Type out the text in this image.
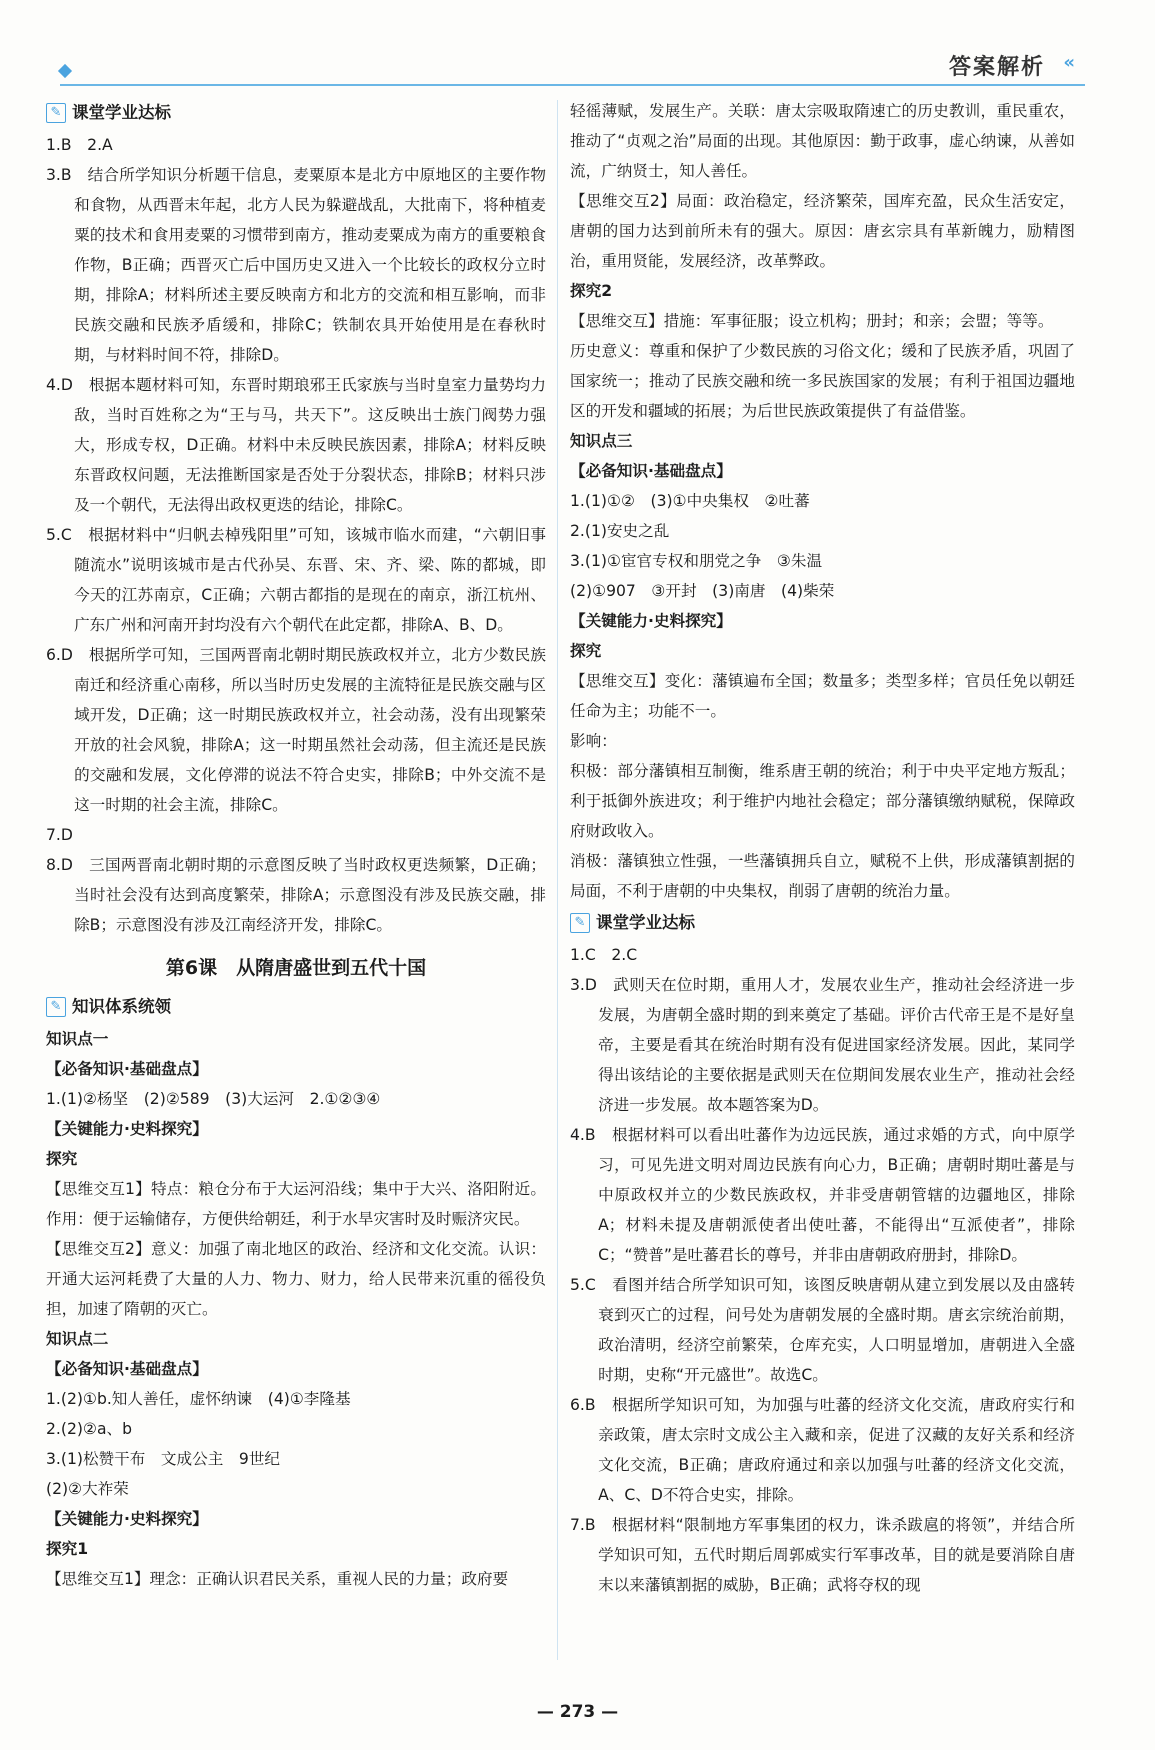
答案解析 «
✎ 课堂学业达标

1.B　2.A

3.B　结合所学知识分析题干信息，麦粟原本是北方中原地区的主要作物和食物，从西晋末年起，北方人民为躲避战乱，大批南下，将种植麦粟的技术和食用麦粟的习惯带到南方，推动麦粟成为南方的重要粮食作物，B正确；西晋灭亡后中国历史又进入一个比较长的政权分立时期，排除A；材料所述主要反映南方和北方的交流和相互影响，而非民族交融和民族矛盾缓和，排除C；铁制农具开始使用是在春秋时期，与材料时间不符，排除D。

4.D　根据本题材料可知，东晋时期琅邪王氏家族与当时皇室力量势均力敌，当时百姓称之为“王与马，共天下”。这反映出士族门阀势力强大，形成专权，D正确。材料中未反映民族因素，排除A；材料反映东晋政权问题，无法推断国家是否处于分裂状态，排除B；材料只涉及一个朝代，无法得出政权更迭的结论，排除C。

5.C　根据材料中“归帆去棹残阳里”可知，该城市临水而建，“六朝旧事随流水”说明该城市是古代孙吴、东晋、宋、齐、梁、陈的都城，即今天的江苏南京，C正确；六朝古都指的是现在的南京，浙江杭州、广东广州和河南开封均没有六个朝代在此定都，排除A、B、D。

6.D　根据所学可知，三国两晋南北朝时期民族政权并立，北方少数民族南迁和经济重心南移，所以当时历史发展的主流特征是民族交融与区域开发，D正确；这一时期民族政权并立，社会动荡，没有出现繁荣开放的社会风貌，排除A；这一时期虽然社会动荡，但主流还是民族的交融和发展，文化停滞的说法不符合史实，排除B；中外交流不是这一时期的社会主流，排除C。

7.D

8.D　三国两晋南北朝时期的示意图反映了当时政权更迭频繁，D正确；当时社会没有达到高度繁荣，排除A；示意图没有涉及民族交融，排除B；示意图没有涉及江南经济开发，排除C。

第6课　从隋唐盛世到五代十国
✎ 知识体系统领

知识点一

【必备知识·基础盘点】

1.(1)②杨坚　(2)②589　(3)大运河　2.①②③④

【关键能力·史料探究】

探究

【思维交互1】特点：粮仓分布于大运河沿线；集中于大兴、洛阳附近。作用：便于运输储存，方便供给朝廷，利于水旱灾害时及时赈济灾民。

【思维交互2】意义：加强了南北地区的政治、经济和文化交流。认识：开通大运河耗费了大量的人力、物力、财力，给人民带来沉重的徭役负担，加速了隋朝的灭亡。

知识点二

【必备知识·基础盘点】

1.(2)①b.知人善任，虚怀纳谏　(4)①李隆基

2.(2)②a、b

3.(1)松赞干布　文成公主　9世纪

(2)②大祚荣

【关键能力·史料探究】

探究1

【思维交互1】理念：正确认识君民关系，重视人民的力量；政府要

轻徭薄赋，发展生产。关联：唐太宗吸取隋速亡的历史教训，重民重农，推动了“贞观之治”局面的出现。其他原因：勤于政事，虚心纳谏，从善如流，广纳贤士，知人善任。

【思维交互2】局面：政治稳定，经济繁荣，国库充盈，民众生活安定，唐朝的国力达到前所未有的强大。原因：唐玄宗具有革新魄力，励精图治，重用贤能，发展经济，改革弊政。

探究2

【思维交互】措施：军事征服；设立机构；册封；和亲；会盟；等等。

历史意义：尊重和保护了少数民族的习俗文化；缓和了民族矛盾，巩固了国家统一；推动了民族交融和统一多民族国家的发展；有利于祖国边疆地区的开发和疆域的拓展；为后世民族政策提供了有益借鉴。

知识点三

【必备知识·基础盘点】

1.(1)①②　(3)①中央集权　②吐蕃

2.(1)安史之乱

3.(1)①宦官专权和朋党之争　③朱温

(2)①907　③开封　(3)南唐　(4)柴荣

【关键能力·史料探究】

探究

【思维交互】变化：藩镇遍布全国；数量多；类型多样；官员任免以朝廷任命为主；功能不一。

影响：

积极：部分藩镇相互制衡，维系唐王朝的统治；利于中央平定地方叛乱；利于抵御外族进攻；利于维护内地社会稳定；部分藩镇缴纳赋税，保障政府财政收入。

消极：藩镇独立性强，一些藩镇拥兵自立，赋税不上供，形成藩镇割据的局面，不利于唐朝的中央集权，削弱了唐朝的统治力量。

✎ 课堂学业达标

1.C　2.C

3.D　武则天在位时期，重用人才，发展农业生产，推动社会经济进一步发展，为唐朝全盛时期的到来奠定了基础。评价古代帝王是不是好皇帝，主要是看其在统治时期有没有促进国家经济发展。因此，某同学得出该结论的主要依据是武则天在位期间发展农业生产，推动社会经济进一步发展。故本题答案为D。

4.B　根据材料可以看出吐蕃作为边远民族，通过求婚的方式，向中原学习，可见先进文明对周边民族有向心力，B正确；唐朝时期吐蕃是与中原政权并立的少数民族政权，并非受唐朝管辖的边疆地区，排除A；材料未提及唐朝派使者出使吐蕃，不能得出“互派使者”，排除C；“赞普”是吐蕃君长的尊号，并非由唐朝政府册封，排除D。

5.C　看图并结合所学知识可知，该图反映唐朝从建立到发展以及由盛转衰到灭亡的过程，问号处为唐朝发展的全盛时期。唐玄宗统治前期，政治清明，经济空前繁荣，仓库充实，人口明显增加，唐朝进入全盛时期，史称“开元盛世”。故选C。

6.B　根据所学知识可知，为加强与吐蕃的经济文化交流，唐政府实行和亲政策，唐太宗时文成公主入藏和亲，促进了汉藏的友好关系和经济文化交流，B正确；唐政府通过和亲以加强与吐蕃的经济文化交流，A、C、D不符合史实，排除。

7.B　根据材料“限制地方军事集团的权力，诛杀跋扈的将领”，并结合所学知识可知，五代时期后周郭威实行军事改革，目的就是要消除自唐末以来藩镇割据的威胁，B正确；武将夺权的现

— 273 —
